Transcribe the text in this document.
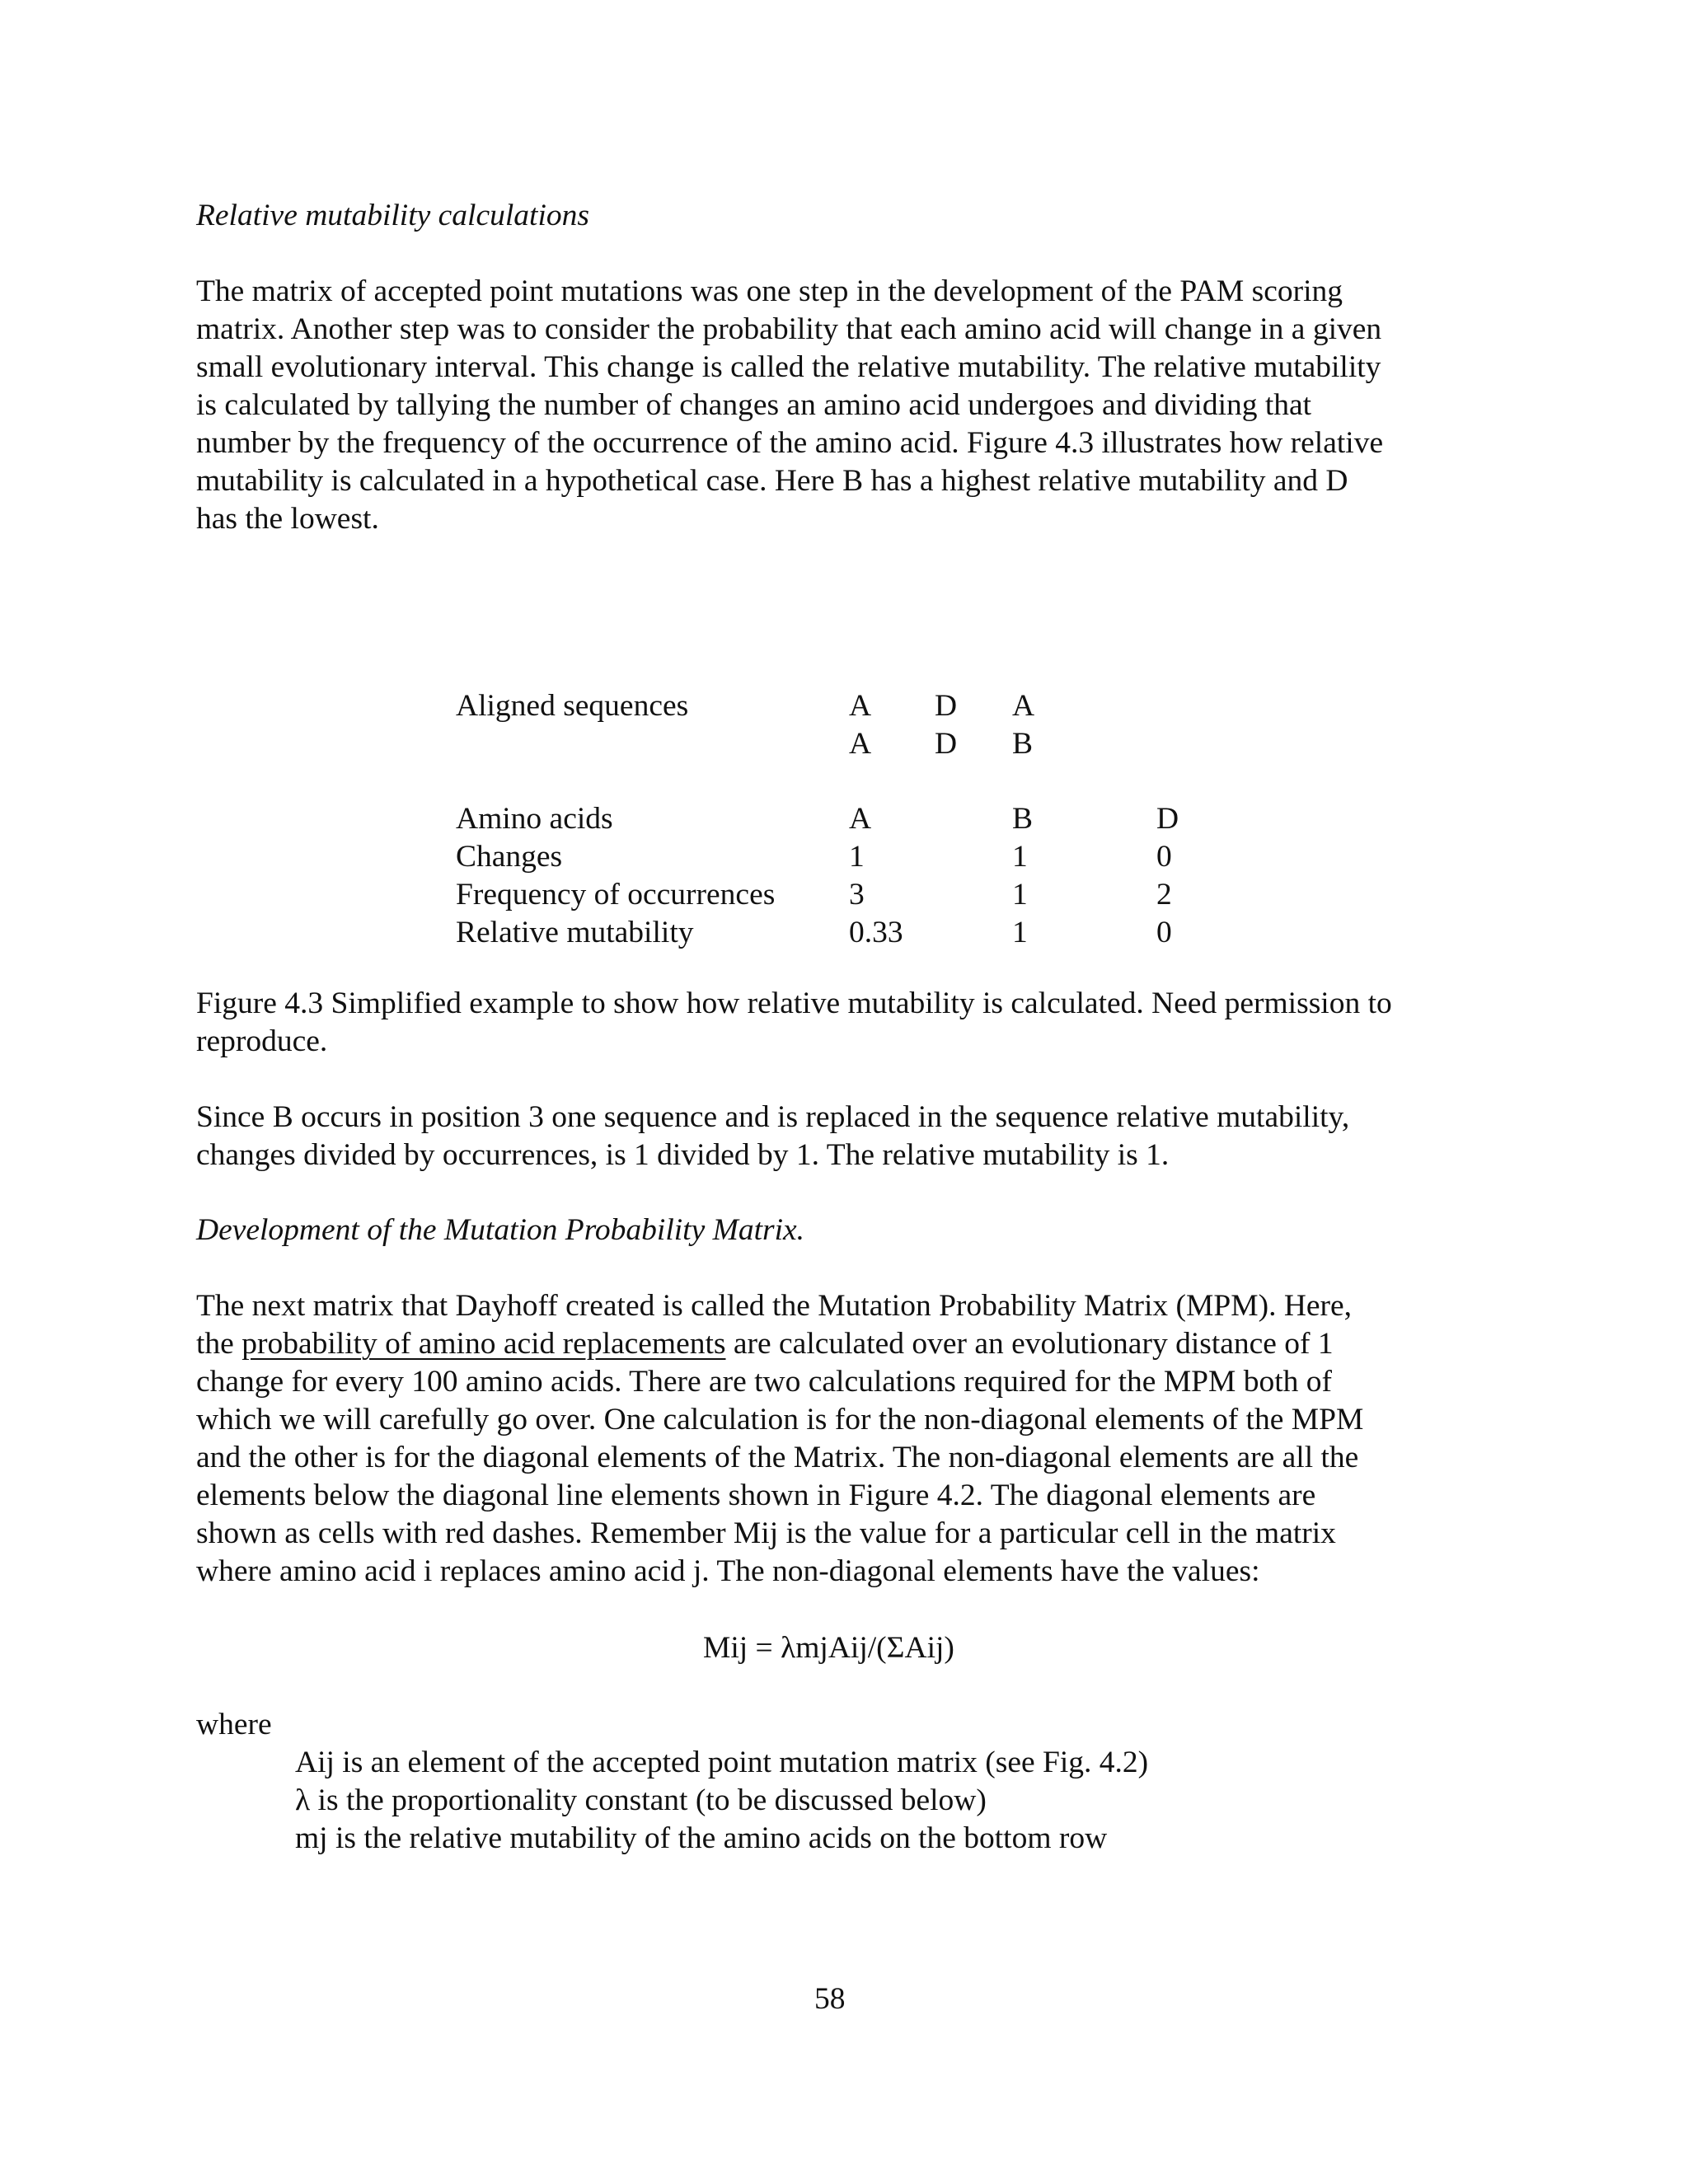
Relative mutability calculations

The matrix of accepted point mutations was one step in the development of the PAM scoring

matrix. Another step was to consider the probability that each amino acid will change in a given

small evolutionary interval. This change is called the relative mutability. The relative mutability

is calculated by tallying the number of changes an amino acid undergoes and dividing that

number by the frequency of the occurrence of the amino acid. Figure 4.3 illustrates how relative

mutability is calculated in a hypothetical case. Here B has a highest relative mutability and D

has the lowest.

Aligned sequences	A D A
A D B
Amino acids
Changes
Frequency of occurrences
Relative mutability
A
1
3
0.33
B
1
1
1
D
0
2
0

Figure 4.3 Simplified example to show how relative mutability is calculated. Need permission to

reproduce.

Since B occurs in position 3 one sequence and is replaced in the sequence relative mutability,

changes divided by occurrences, is 1 divided by 1. The relative mutability is 1.

Development of the Mutation Probability Matrix.

The next matrix that Dayhoff created is called the Mutation Probability Matrix (MPM). Here,

the probability of amino acid replacements are calculated over an evolutionary distance of 1

change for every 100 amino acids. There are two calculations required for the MPM both of

which we will carefully go over. One calculation is for the non-diagonal elements of the MPM

and the other is for the diagonal elements of the Matrix. The non-diagonal elements are all the

elements below the diagonal line elements shown in Figure 4.2. The diagonal elements are

shown as cells with red dashes. Remember Mij is the value for a particular cell in the matrix

where amino acid i replaces amino acid j. The non-diagonal elements have the values:

Mij = λmjAij/(ΣAij)

where

Aij is an element of the accepted point mutation matrix (see Fig. 4.2)

λ is the proportionality constant (to be discussed below)

mj is the relative mutability of the amino acids on the bottom row

58
